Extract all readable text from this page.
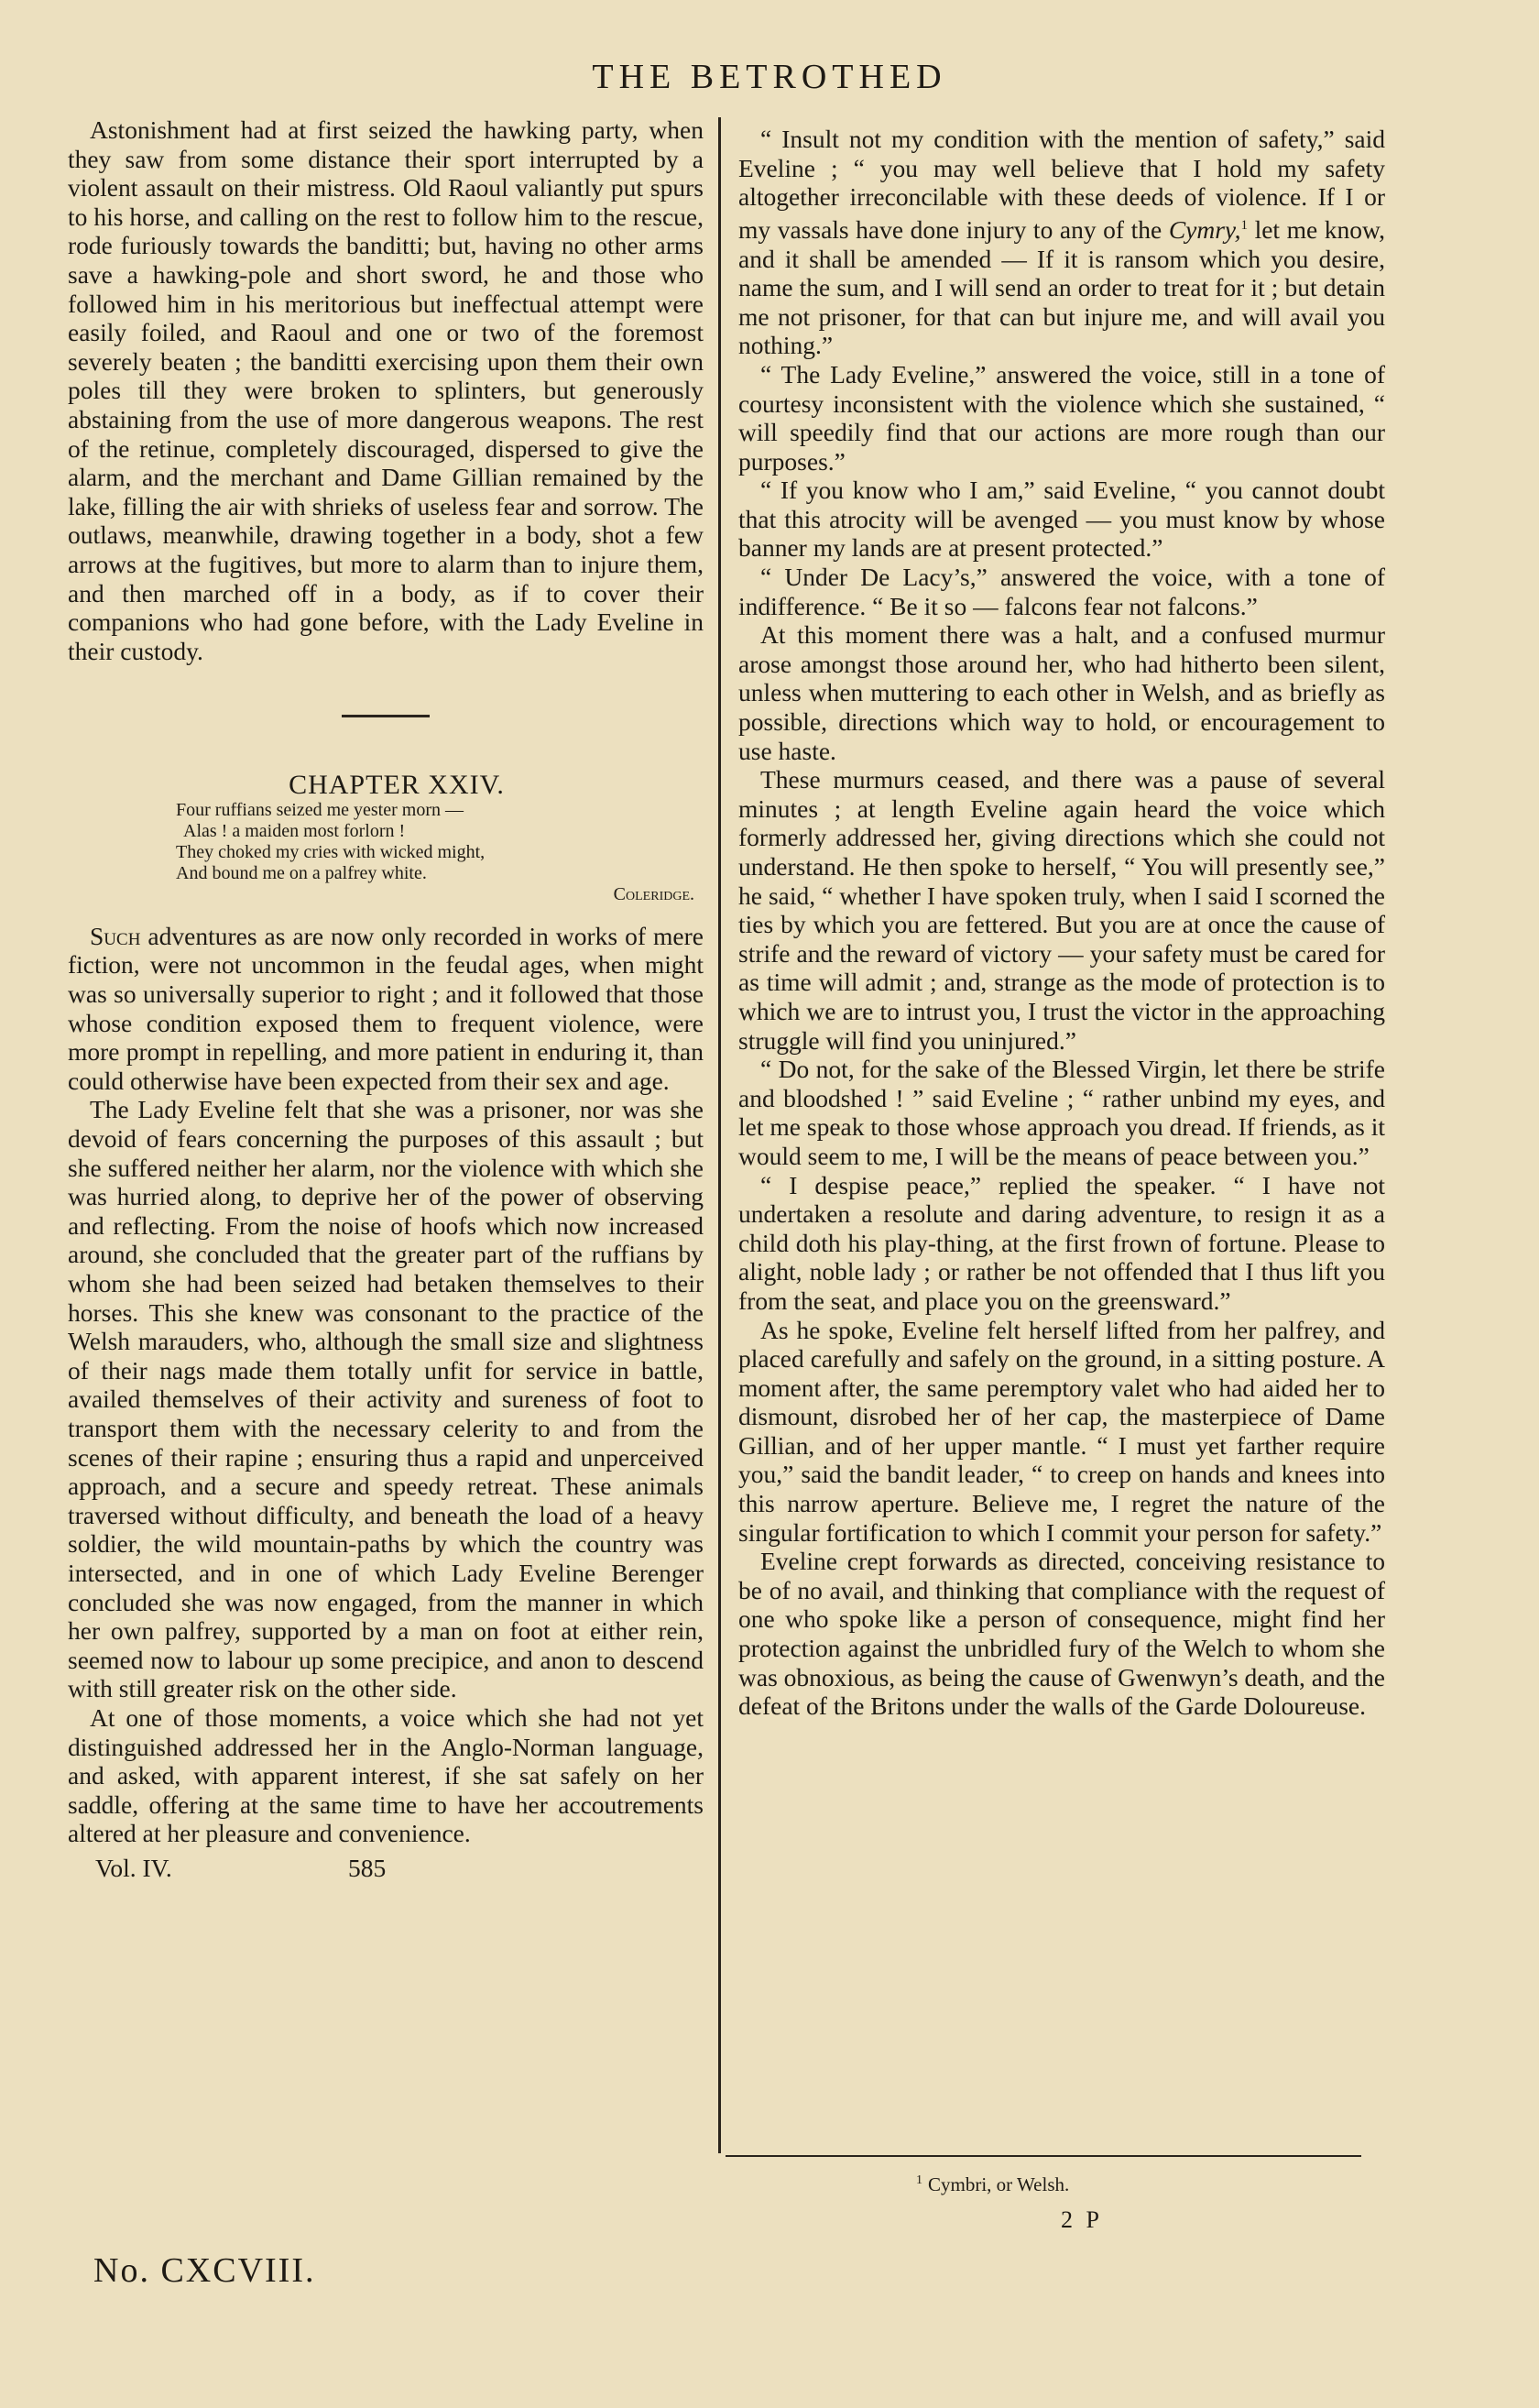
THE BETROTHED

Astonishment had at first seized the hawking party, when they saw from some distance their sport interrupted by a violent assault on their mistress. Old Raoul valiantly put spurs to his horse, and calling on the rest to follow him to the rescue, rode furiously towards the banditti; but, having no other arms save a hawking-pole and short sword, he and those who followed him in his meritorious but ineffectual attempt were easily foiled, and Raoul and one or two of the foremost severely beaten ; the banditti exercising upon them their own poles till they were broken to splinters, but generously abstaining from the use of more dangerous weapons. The rest of the retinue, completely discouraged, dispersed to give the alarm, and the merchant and Dame Gillian remained by the lake, filling the air with shrieks of useless fear and sorrow. The outlaws, meanwhile, drawing together in a body, shot a few arrows at the fugitives, but more to alarm than to injure them, and then marched off in a body, as if to cover their companions who had gone before, with the Lady Eveline in their custody.

CHAPTER XXIV.

Four ruffians seized me yester morn —
Alas ! a maiden most forlorn !
They choked my cries with wicked might,
And bound me on a palfrey white.
Coleridge.

Such adventures as are now only recorded in works of mere fiction, were not uncommon in the feudal ages, when might was so universally superior to right ; and it followed that those whose condition exposed them to frequent violence, were more prompt in repelling, and more patient in enduring it, than could otherwise have been expected from their sex and age.

The Lady Eveline felt that she was a prisoner, nor was she devoid of fears concerning the purposes of this assault ; but she suffered neither her alarm, nor the violence with which she was hurried along, to deprive her of the power of observing and reflecting. From the noise of hoofs which now increased around, she concluded that the greater part of the ruffians by whom she had been seized had betaken themselves to their horses. This she knew was consonant to the practice of the Welsh marauders, who, although the small size and slightness of their nags made them totally unfit for service in battle, availed themselves of their activity and sureness of foot to transport them with the necessary celerity to and from the scenes of their rapine ; ensuring thus a rapid and unperceived approach, and a secure and speedy retreat. These animals traversed without difficulty, and beneath the load of a heavy soldier, the wild mountain-paths by which the country was intersected, and in one of which Lady Eveline Berenger concluded she was now engaged, from the manner in which her own palfrey, supported by a man on foot at either rein, seemed now to labour up some precipice, and anon to descend with still greater risk on the other side.

At one of those moments, a voice which she had not yet distinguished addressed her in the Anglo-Norman language, and asked, with apparent interest, if she sat safely on her saddle, offering at the same time to have her accoutrements altered at her pleasure and convenience.

Vol. IV.	585

“ Insult not my condition with the mention of safety,” said Eveline ; “ you may well believe that I hold my safety altogether irreconcilable with these deeds of violence. If I or my vassals have done injury to any of the Cymry,$^1$ let me know, and it shall be amended — If it is ransom which you desire, name the sum, and I will send an order to treat for it ; but detain me not prisoner, for that can but injure me, and will avail you nothing.”

“ The Lady Eveline,” answered the voice, still in a tone of courtesy inconsistent with the violence which she sustained, “ will speedily find that our actions are more rough than our purposes.”

“ If you know who I am,” said Eveline, “ you cannot doubt that this atrocity will be avenged — you must know by whose banner my lands are at present protected.”

“ Under De Lacy’s,” answered the voice, with a tone of indifference. “ Be it so — falcons fear not falcons.”

At this moment there was a halt, and a confused murmur arose amongst those around her, who had hitherto been silent, unless when muttering to each other in Welsh, and as briefly as possible, directions which way to hold, or encouragement to use haste.

These murmurs ceased, and there was a pause of several minutes ; at length Eveline again heard the voice which formerly addressed her, giving directions which she could not understand. He then spoke to herself, “ You will presently see,” he said, “ whether I have spoken truly, when I said I scorned the ties by which you are fettered. But you are at once the cause of strife and the reward of victory — your safety must be cared for as time will admit ; and, strange as the mode of protection is to which we are to intrust you, I trust the victor in the approaching struggle will find you uninjured.”

“ Do not, for the sake of the Blessed Virgin, let there be strife and bloodshed ! ” said Eveline ; “ rather unbind my eyes, and let me speak to those whose approach you dread. If friends, as it would seem to me, I will be the means of peace between you.”

“ I despise peace,” replied the speaker. “ I have not undertaken a resolute and daring adventure, to resign it as a child doth his play-thing, at the first frown of fortune. Please to alight, noble lady ; or rather be not offended that I thus lift you from the seat, and place you on the greensward.”

As he spoke, Eveline felt herself lifted from her palfrey, and placed carefully and safely on the ground, in a sitting posture. A moment after, the same peremptory valet who had aided her to dismount, disrobed her of her cap, the masterpiece of Dame Gillian, and of her upper mantle. “ I must yet farther require you,” said the bandit leader, “ to creep on hands and knees into this narrow aperture. Believe me, I regret the nature of the singular fortification to which I commit your person for safety.”

Eveline crept forwards as directed, conceiving resistance to be of no avail, and thinking that compliance with the request of one who spoke like a person of consequence, might find her protection against the unbridled fury of the Welch to whom she was obnoxious, as being the cause of Gwenwyn’s death, and the defeat of the Britons under the walls of the Garde Doloureuse.

$^1$ Cymbri, or Welsh.
2 P
No. CXCVIII.
